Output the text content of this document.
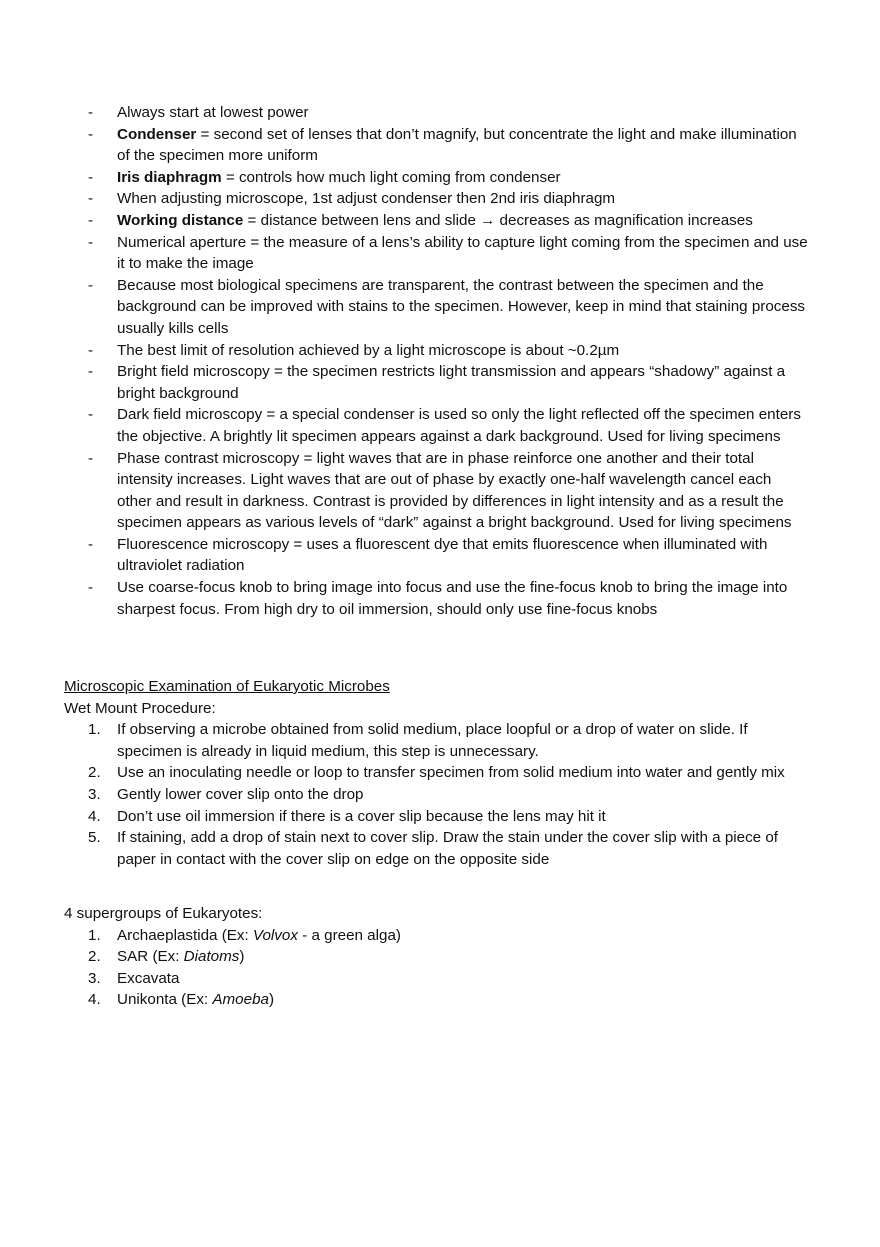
- Always start at lowest power
- Condenser = second set of lenses that don’t magnify, but concentrate the light and make illumination of the specimen more uniform
- Iris diaphragm = controls how much light coming from condenser
- When adjusting microscope, 1st adjust condenser then 2nd iris diaphragm
- Working distance = distance between lens and slide → decreases as magnification increases
- Numerical aperture = the measure of a lens’s ability to capture light coming from the specimen and use it to make the image
- Because most biological specimens are transparent, the contrast between the specimen and the background can be improved with stains to the specimen. However, keep in mind that staining process usually kills cells
- The best limit of resolution achieved by a light microscope is about ~0.2µm
- Bright field microscopy = the specimen restricts light transmission and appears “shadowy” against a bright background
- Dark field microscopy = a special condenser is used so only the light reflected off the specimen enters the objective. A brightly lit specimen appears against a dark background. Used for living specimens
- Phase contrast microscopy = light waves that are in phase reinforce one another and their total intensity increases. Light waves that are out of phase by exactly one-half wavelength cancel each other and result in darkness. Contrast is provided by differences in light intensity and as a result the specimen appears as various levels of “dark” against a bright background. Used for living specimens
- Fluorescence microscopy = uses a fluorescent dye that emits fluorescence when illuminated with ultraviolet radiation
- Use coarse-focus knob to bring image into focus and use the fine-focus knob to bring the image into sharpest focus. From high dry to oil immersion, should only use fine-focus knobs
Microscopic Examination of Eukaryotic Microbes
Wet Mount Procedure:
1. If observing a microbe obtained from solid medium, place loopful or a drop of water on slide. If specimen is already in liquid medium, this step is unnecessary.
2. Use an inoculating needle or loop to transfer specimen from solid medium into water and gently mix
3. Gently lower cover slip onto the drop
4. Don’t use oil immersion if there is a cover slip because the lens may hit it
5. If staining, add a drop of stain next to cover slip. Draw the stain under the cover slip with a piece of paper in contact with the cover slip on edge on the opposite side
4 supergroups of Eukaryotes:
1. Archaeplastida (Ex: Volvox - a green alga)
2. SAR (Ex: Diatoms)
3. Excavata
4. Unikonta (Ex: Amoeba)
